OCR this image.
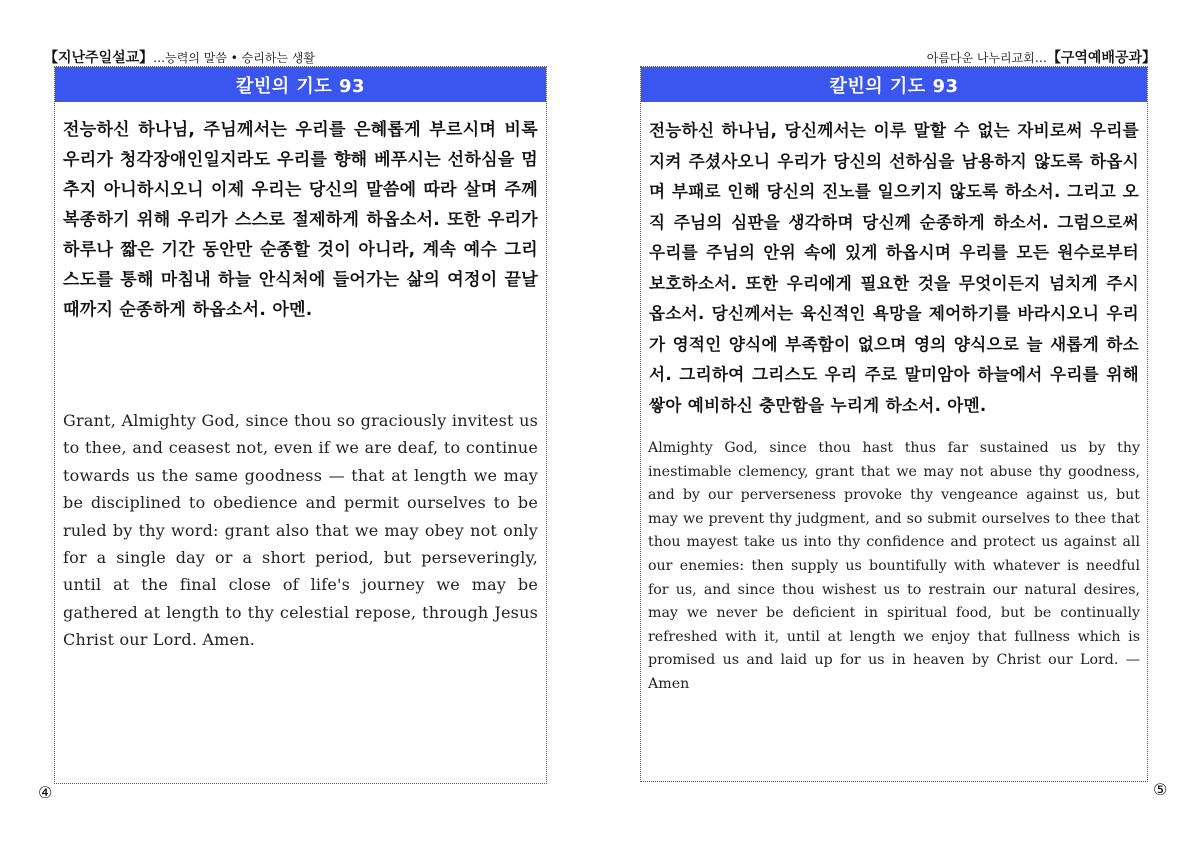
【지난주일설교】…능력의 말씀 • 승리하는 생활	아름다운 나누리교회…【구역예배공과】
칼빈의 기도 93
전능하신 하나님, 주님께서는 우리를 은혜롭게 부르시며 비록 우리가 청각장애인일지라도 우리를 향해 베푸시는 선하심을 멈추지 아니하시오니 이제 우리는 당신의 말씀에 따라 살며 주께 복종하기 위해 우리가 스스로 절제하게 하옵소서. 또한 우리가 하루나 짧은 기간 동안만 순종할 것이 아니라, 계속 예수 그리스도를 통해 마침내 하늘 안식처에 들어가는 삶의 여정이 끝날 때까지 순종하게 하옵소서. 아멘.
Grant, Almighty God, since thou so graciously invitest us to thee, and ceasest not, even if we are deaf, to continue towards us the same goodness — that at length we may be disciplined to obedience and permit ourselves to be ruled by thy word: grant also that we may obey not only for a single day or a short period, but perseveringly, until at the final close of life's journey we may be gathered at length to thy celestial repose, through Jesus Christ our Lord. Amen.
칼빈의 기도 93
전능하신 하나님, 당신께서는 이루 말할 수 없는 자비로써 우리를 지켜 주셨사오니 우리가 당신의 선하심을 남용하지 않도록 하옵시며 부패로 인해 당신의 진노를 일으키지 않도록 하소서. 그리고 오직 주님의 심판을 생각하며 당신께 순종하게 하소서. 그럼으로써 우리를 주님의 안위 속에 있게 하옵시며 우리를 모든 원수로부터 보호하소서. 또한 우리에게 필요한 것을 무엇이든지 넘치게 주시옵소서. 당신께서는 육신적인 욕망을 제어하기를 바라시오니 우리가 영적인 양식에 부족함이 없으며 영의 양식으로 늘 새롭게 하소서. 그리하여 그리스도 우리 주로 말미암아 하늘에서 우리를 위해 쌓아 예비하신 충만함을 누리게 하소서. 아멘.
Almighty God, since thou hast thus far sustained us by thy inestimable clemency, grant that we may not abuse thy goodness, and by our perverseness provoke thy vengeance against us, but may we prevent thy judgment, and so submit ourselves to thee that thou mayest take us into thy confidence and protect us against all our enemies: then supply us bountifully with whatever is needful for us, and since thou wishest us to restrain our natural desires, may we never be deficient in spiritual food, but be continually refreshed with it, until at length we enjoy that fullness which is promised us and laid up for us in heaven by Christ our Lord. — Amen
④	⑤
